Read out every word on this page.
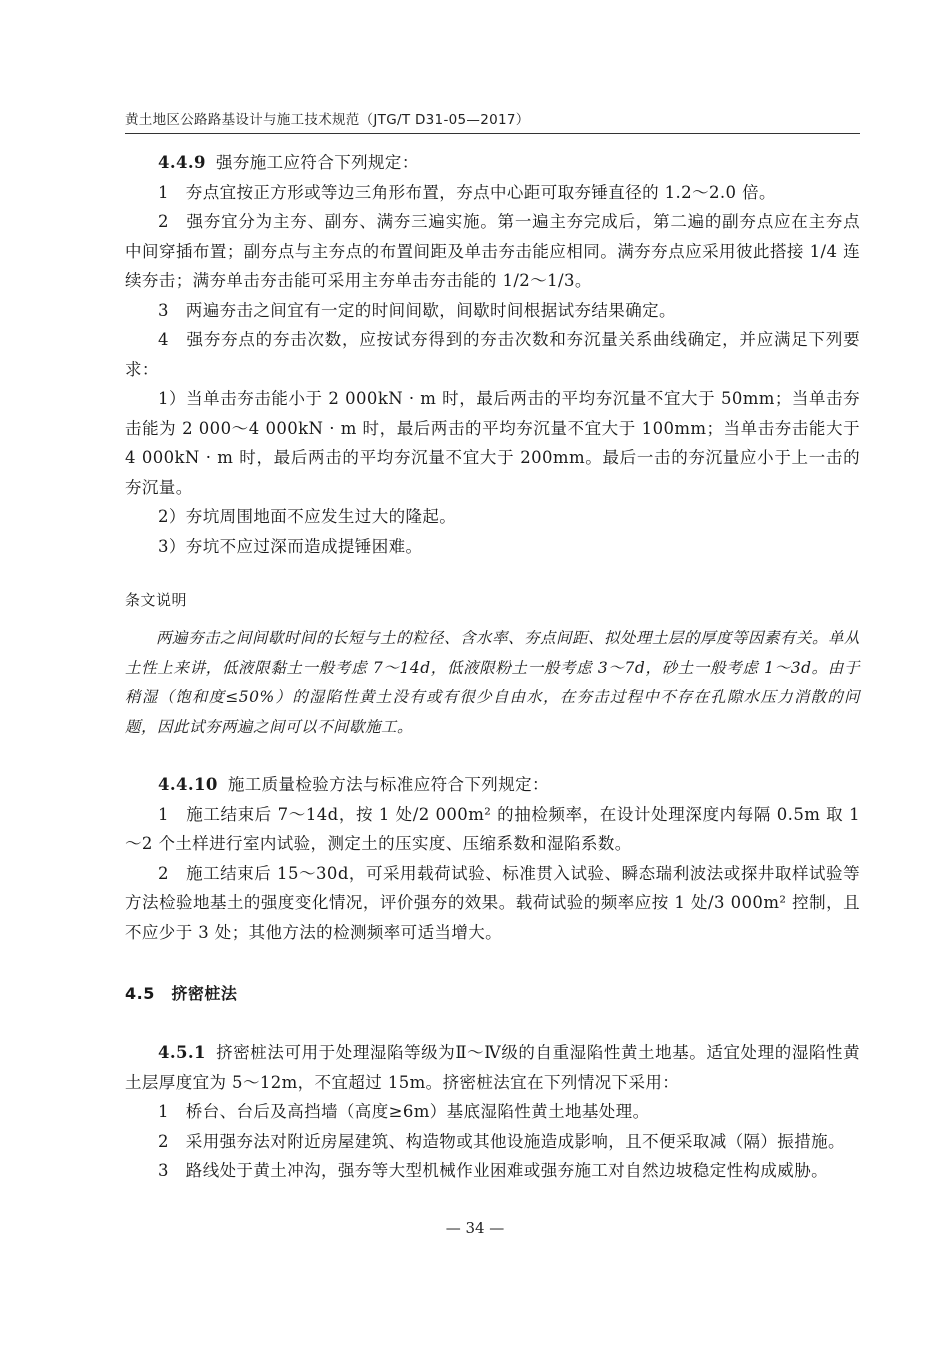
黄土地区公路路基设计与施工技术规范（JTG/T D31-05—2017）

4.4.9 强夯施工应符合下列规定：

1　夯点宜按正方形或等边三角形布置，夯点中心距可取夯锤直径的 1.2～2.0 倍。

2　强夯宜分为主夯、副夯、满夯三遍实施。第一遍主夯完成后，第二遍的副夯点应在主夯点中间穿插布置；副夯点与主夯点的布置间距及单击夯击能应相同。满夯夯点应采用彼此搭接 1/4 连续夯击；满夯单击夯击能可采用主夯单击夯击能的 1/2～1/3。

3　两遍夯击之间宜有一定的时间间歇，间歇时间根据试夯结果确定。

4　强夯夯点的夯击次数，应按试夯得到的夯击次数和夯沉量关系曲线确定，并应满足下列要求：

1）当单击夯击能小于 2 000kN · m 时，最后两击的平均夯沉量不宜大于 50mm；当单击夯击能为 2 000～4 000kN · m 时，最后两击的平均夯沉量不宜大于 100mm；当单击夯击能大于 4 000kN · m 时，最后两击的平均夯沉量不宜大于 200mm。最后一击的夯沉量应小于上一击的夯沉量。

2）夯坑周围地面不应发生过大的隆起。

3）夯坑不应过深而造成提锤困难。

条文说明

两遍夯击之间间歇时间的长短与土的粒径、含水率、夯点间距、拟处理土层的厚度等因素有关。单从土性上来讲，低液限黏土一般考虑 7～14d，低液限粉土一般考虑 3～7d，砂土一般考虑 1～3d。由于稍湿（饱和度≤50%）的湿陷性黄土没有或有很少自由水，在夯击过程中不存在孔隙水压力消散的问题，因此试夯两遍之间可以不间歇施工。

4.4.10 施工质量检验方法与标准应符合下列规定：

1　施工结束后 7～14d，按 1 处/2 000m² 的抽检频率，在设计处理深度内每隔 0.5m 取 1～2 个土样进行室内试验，测定土的压实度、压缩系数和湿陷系数。

2　施工结束后 15～30d，可采用载荷试验、标准贯入试验、瞬态瑞利波法或探井取样试验等方法检验地基土的强度变化情况，评价强夯的效果。载荷试验的频率应按 1 处/3 000m² 控制，且不应少于 3 处；其他方法的检测频率可适当增大。

4.5　 挤密桩法

4.5.1 挤密桩法可用于处理湿陷等级为Ⅱ～Ⅳ级的自重湿陷性黄土地基。适宜处理的湿陷性黄土层厚度宜为 5～12m，不宜超过 15m。挤密桩法宜在下列情况下采用：

1　桥台、台后及高挡墙（高度≥6m）基底湿陷性黄土地基处理。

2　采用强夯法对附近房屋建筑、构造物或其他设施造成影响，且不便采取减（隔）振措施。

3　路线处于黄土冲沟，强夯等大型机械作业困难或强夯施工对自然边坡稳定性构成威胁。

— 34 —
